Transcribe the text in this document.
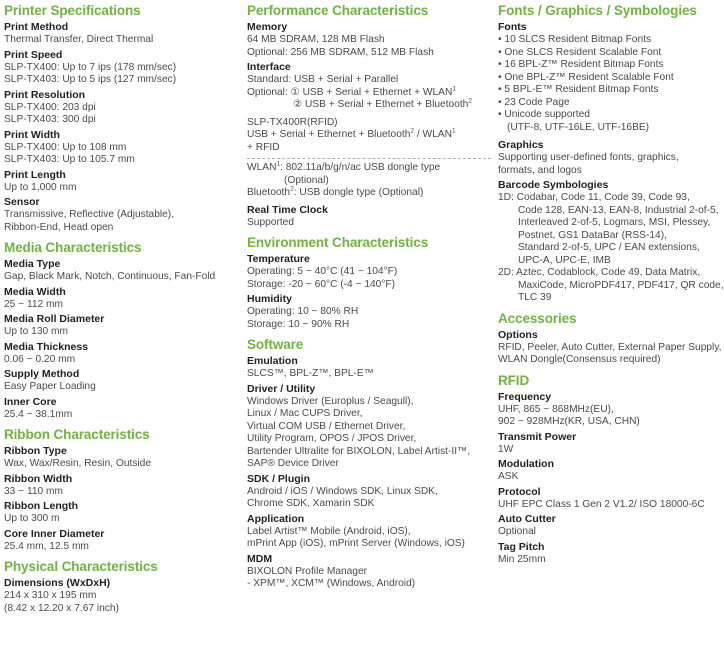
Printer Specifications
Print Method
Thermal Transfer, Direct Thermal
Print Speed
SLP-TX400: Up to 7 ips (178 mm/sec)
SLP-TX403: Up to 5 ips (127 mm/sec)
Print Resolution
SLP-TX400: 203 dpi
SLP-TX403: 300 dpi
Print Width
SLP-TX400: Up to 108 mm
SLP-TX403: Up to 105.7 mm
Print Length
Up to 1,000 mm
Sensor
Transmissive, Reflective (Adjustable),
Ribbon-End, Head open
Media Characteristics
Media Type
Gap, Black Mark, Notch, Continuous, Fan-Fold
Media Width
25 ~ 112 mm
Media Roll Diameter
Up to 130 mm
Media Thickness
0.06 ~ 0.20 mm
Supply Method
Easy Paper Loading
Inner Core
25.4 ~ 38.1mm
Ribbon Characteristics
Ribbon Type
Wax, Wax/Resin, Resin, Outside
Ribbon Width
33 ~ 110 mm
Ribbon Length
Up to 300 m
Core Inner Diameter
25.4 mm, 12.5 mm
Physical Characteristics
Dimensions (WxDxH)
214 x 310 x 195 mm
(8.42 x 12.20 x 7.67 inch)
Performance Characteristics
Memory
64 MB SDRAM, 128 MB Flash
Optional: 256 MB SDRAM, 512 MB Flash
Interface
Standard: USB + Serial + Parallel
Optional: ① USB + Serial + Ethernet + $WLAN^1$
② USB + Serial + Ethernet + Bluetooth$^2$
SLP-TX400R(RFID)
USB + Serial + Ethernet + Bluetooth$^2$ / $WLAN^1$
+ RFID
WLAN$^1$: 802.11a/b/g/n/ac USB dongle type
(Optional)
Bluetooth$^2$: USB dongle type (Optional)
Real Time Clock
Supported
Environment Characteristics
Temperature
Operating: 5 ~ 40°C (41 ~ 104°F)
Storage: -20 ~ 60°C (-4 ~ 140°F)
Humidity
Operating: 10 ~ 80% RH
Storage: 10 ~ 90% RH
Software
Emulation
SLCS™, BPL-Z™, BPL-E™
Driver / Utility
Windows Driver (Europlus / Seagull),
Linux / Mac CUPS Driver,
Virtual COM USB / Ethernet Driver,
Utility Program, OPOS / JPOS Driver,
Bartender Ultralite for BIXOLON, Label Artist-II™,
SAP® Device Driver
SDK / Plugin
Android / iOS / Windows SDK, Linux SDK,
Chrome SDK, Xamarin SDK
Application
Label Artist™ Mobile (Android, iOS),
mPrint App (iOS), mPrint Server (Windows, iOS)
MDM
BIXOLON Profile Manager
- XPM™, XCM™ (Windows, Android)
Fonts / Graphics / Symbologies
Fonts
• 10 SLCS Resident Bitmap Fonts
• One SLCS Resident Scalable Font
• 16 BPL-Z™ Resident Bitmap Fonts
• One BPL-Z™ Resident Scalable Font
• 5 BPL-E™ Resident Bitmap Fonts
• 23 Code Page
• Unicode supported
(UTF-8, UTF-16LE, UTF-16BE)
Graphics
Supporting user-defined fonts, graphics,
formats, and logos
Barcode Symbologies
1D: Codabar, Code 11, Code 39, Code 93,
Code 128, EAN-13, EAN-8, Industrial 2-of-5,
Interleaved 2-of-5, Logmars, MSI, Plessey,
Postnet, GS1 DataBar (RSS-14),
Standard 2-of-5, UPC / EAN extensions,
UPC-A, UPC-E, IMB
2D: Aztec, Codablock, Code 49, Data Matrix,
MaxiCode, MicroPDF417, PDF417, QR code,
TLC 39
Accessories
Options
RFID, Peeler, Auto Cutter, External Paper Supply,
WLAN Dongle(Consensus required)
RFID
Frequency
UHF, 865 ~ 868MHz(EU),
902 ~ 928MHz(KR, USA, CHN)
Transmit Power
1W
Modulation
ASK
Protocol
UHF EPC Class 1 Gen 2 V1.2/ ISO 18000-6C
Auto Cutter
Optional
Tag Pitch
Min 25mm
